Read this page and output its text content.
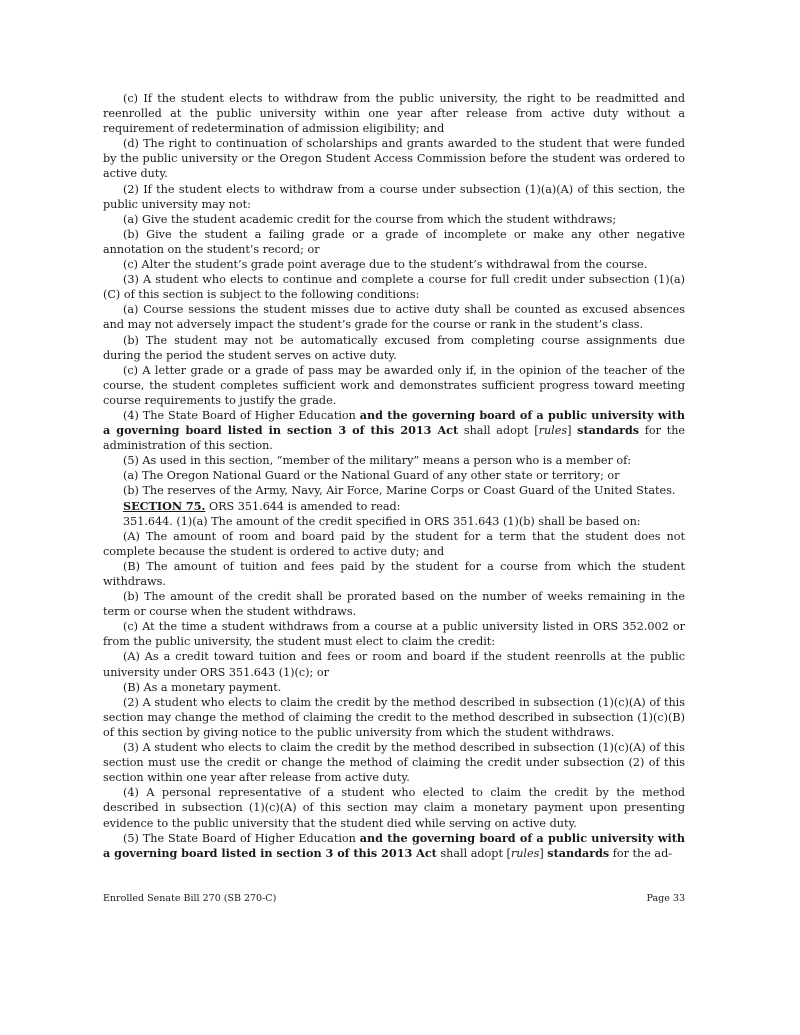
(c) If the student elects to withdraw from the public university, the right to be readmitted and reenrolled at the public university within one year after release from active duty without a requirement of redetermination of admission eligibility; and

(d) The right to continuation of scholarships and grants awarded to the student that were funded by the public university or the Oregon Student Access Commission before the student was ordered to active duty.

(2) If the student elects to withdraw from a course under subsection (1)(a)(A) of this section, the public university may not:

(a) Give the student academic credit for the course from which the student withdraws;

(b) Give the student a failing grade or a grade of incomplete or make any other negative annotation on the student’s record; or

(c) Alter the student’s grade point average due to the student’s withdrawal from the course.

(3) A student who elects to continue and complete a course for full credit under subsection (1)(a)(C) of this section is subject to the following conditions:

(a) Course sessions the student misses due to active duty shall be counted as excused absences and may not adversely impact the student’s grade for the course or rank in the student’s class.

(b) The student may not be automatically excused from completing course assignments due during the period the student serves on active duty.

(c) A letter grade or a grade of pass may be awarded only if, in the opinion of the teacher of the course, the student completes sufficient work and demonstrates sufficient progress toward meeting course requirements to justify the grade.

(4) The State Board of Higher Education and the governing board of a public university with a governing board listed in section 3 of this 2013 Act shall adopt [rules] standards for the administration of this section.

(5) As used in this section, “member of the military” means a person who is a member of:

(a) The Oregon National Guard or the National Guard of any other state or territory; or

(b) The reserves of the Army, Navy, Air Force, Marine Corps or Coast Guard of the United States.

SECTION 75. ORS 351.644 is amended to read:

351.644. (1)(a) The amount of the credit specified in ORS 351.643 (1)(b) shall be based on:

(A) The amount of room and board paid by the student for a term that the student does not complete because the student is ordered to active duty; and

(B) The amount of tuition and fees paid by the student for a course from which the student withdraws.

(b) The amount of the credit shall be prorated based on the number of weeks remaining in the term or course when the student withdraws.

(c) At the time a student withdraws from a course at a public university listed in ORS 352.002 or from the public university, the student must elect to claim the credit:

(A) As a credit toward tuition and fees or room and board if the student reenrolls at the public university under ORS 351.643 (1)(c); or

(B) As a monetary payment.

(2) A student who elects to claim the credit by the method described in subsection (1)(c)(A) of this section may change the method of claiming the credit to the method described in subsection (1)(c)(B) of this section by giving notice to the public university from which the student withdraws.

(3) A student who elects to claim the credit by the method described in subsection (1)(c)(A) of this section must use the credit or change the method of claiming the credit under subsection (2) of this section within one year after release from active duty.

(4) A personal representative of a student who elected to claim the credit by the method described in subsection (1)(c)(A) of this section may claim a monetary payment upon presenting evidence to the public university that the student died while serving on active duty.

(5) The State Board of Higher Education and the governing board of a public university with a governing board listed in section 3 of this 2013 Act shall adopt [rules] standards for the ad-

Enrolled Senate Bill 270 (SB 270-C)	Page 33
